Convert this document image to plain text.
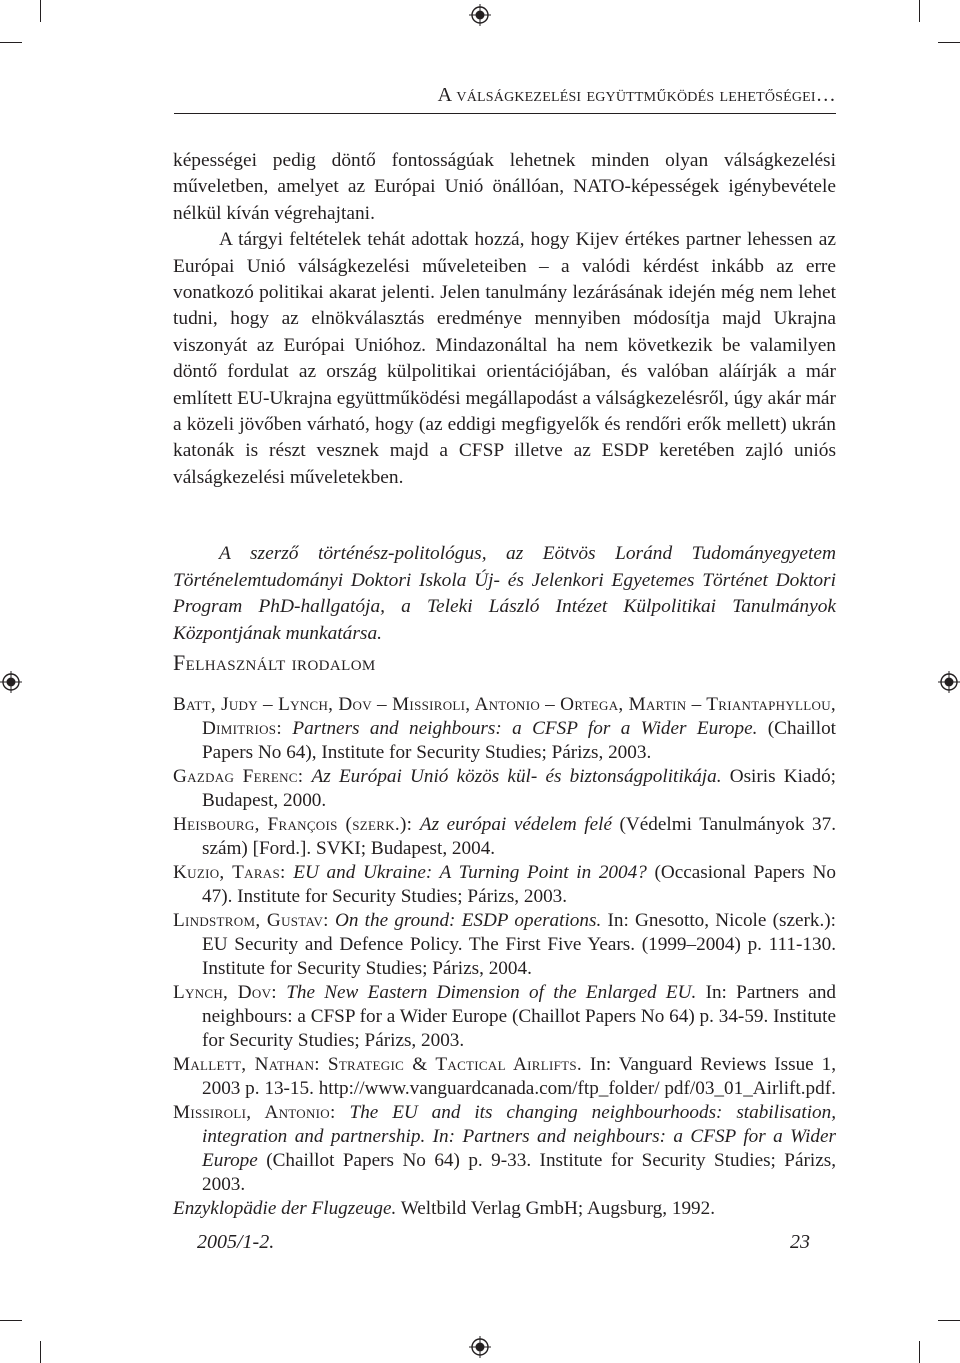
A válságkezelési együttműködés lehetőségei…

képességei pedig döntő fontosságúak lehetnek minden olyan válságkezelési műveletben, amelyet az Európai Unió önállóan, NATO-képességek igénybevétele nélkül kíván végrehajtani.

A tárgyi feltételek tehát adottak hozzá, hogy Kijev értékes partner lehessen az Európai Unió válságkezelési műveleteiben – a valódi kérdést inkább az erre vonatkozó politikai akarat jelenti. Jelen tanulmány lezárásának idején még nem lehet tudni, hogy az elnökválasztás eredménye mennyiben módosítja majd Ukrajna viszonyát az Európai Unióhoz. Mindazonáltal ha nem következik be valamilyen döntő fordulat az ország külpolitikai orientációjában, és valóban aláírják a már említett EU-Ukrajna együttműködési megállapodást a válságkezelésről, úgy akár már a közeli jövőben várható, hogy (az eddigi megfigyelők és rendőri erők mellett) ukrán katonák is részt vesznek majd a CFSP illetve az ESDP keretében zajló uniós válságkezelési műveletekben.

A szerző történész-politológus, az Eötvös Loránd Tudományegyetem Történelemtudományi Doktori Iskola Új- és Jelenkori Egyetemes Történet Doktori Program PhD-hallgatója, a Teleki László Intézet Külpolitikai Tanulmányok Központjának munkatársa.

Felhasznált irodalom

Batt, Judy – Lynch, Dov – Missiroli, Antonio – Ortega, Martin – Triantaphyllou, Dimitrios: Partners and neighbours: a CFSP for a Wider Europe. (Chaillot Papers No 64), Institute for Security Studies; Párizs, 2003.

Gazdag Ferenc: Az Európai Unió közös kül- és biztonságpolitikája. Osiris Kiadó; Budapest, 2000.

Heisbourg, François (szerk.): Az európai védelem felé (Védelmi Tanulmányok 37. szám) [Ford.]. SVKI; Budapest, 2004.

Kuzio, Taras: EU and Ukraine: A Turning Point in 2004? (Occasional Papers No 47). Institute for Security Studies; Párizs, 2003.

Lindstrom, Gustav: On the ground: ESDP operations. In: Gnesotto, Nicole (szerk.): EU Security and Defence Policy. The First Five Years. (1999–2004) p. 111-130. Institute for Security Studies; Párizs, 2004.

Lynch, Dov: The New Eastern Dimension of the Enlarged EU. In: Partners and neighbours: a CFSP for a Wider Europe (Chaillot Papers No 64) p. 34-59. Institute for Security Studies; Párizs, 2003.

Mallett, Nathan: Strategic & Tactical Airlifts. In: Vanguard Reviews Issue 1, 2003 p. 13-15. http://www.vanguardcanada.com/ftp_folder/ pdf/03_01_Airlift.pdf.

Missiroli, Antonio: The EU and its changing neighbourhoods: stabilisation, integration and partnership. In: Partners and neighbours: a CFSP for a Wider Europe (Chaillot Papers No 64) p. 9-33. Institute for Security Studies; Párizs, 2003.

Enzyklopädie der Flugzeuge. Weltbild Verlag GmbH; Augsburg, 1992.

2005/1-2.	23
